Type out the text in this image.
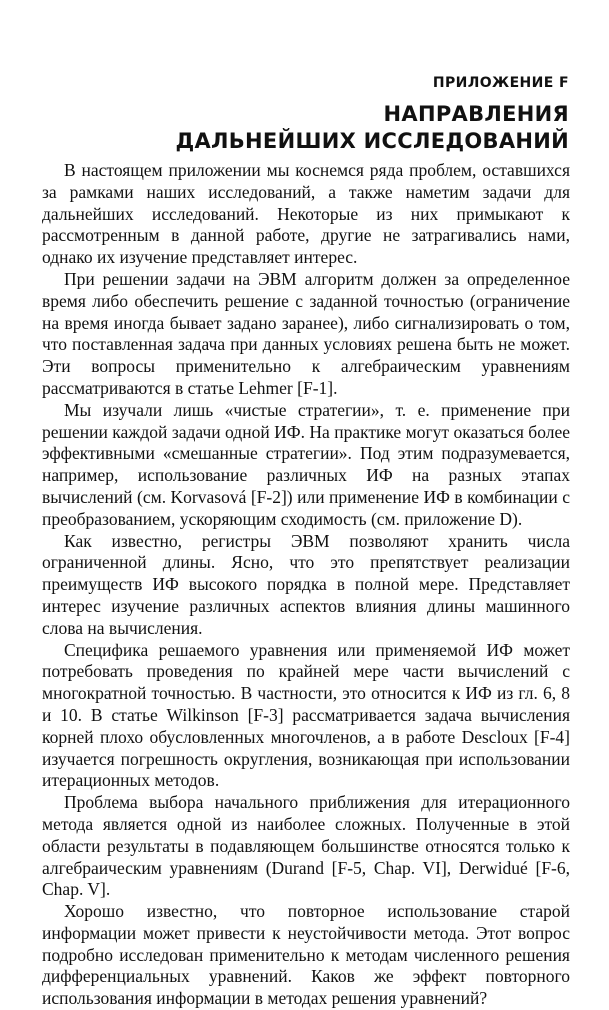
ПРИЛОЖЕНИЕ F
НАПРАВЛЕНИЯ
ДАЛЬНЕЙШИХ ИССЛЕДОВАНИЙ

В настоящем приложении мы коснемся ряда проблем, оставшихся за рамками наших исследований, а также наметим задачи для дальнейших исследований. Некоторые из них примыкают к рассмотренным в данной работе, другие не затрагивались нами, однако их изучение представляет интерес.

При решении задачи на ЭВМ алгоритм должен за определенное время либо обеспечить решение с заданной точностью (ограничение на время иногда бывает задано заранее), либо сигнализировать о том, что поставленная задача при данных условиях решена быть не может. Эти вопросы применительно к алгебраическим уравнениям рассматриваются в статье Lehmer [F-1].

Мы изучали лишь «чистые стратегии», т. е. применение при решении каждой задачи одной ИФ. На практике могут оказаться более эффективными «смешанные стратегии». Под этим подразумевается, например, использование различных ИФ на разных этапах вычислений (см. Korvasová [F-2]) или применение ИФ в комбинации с преобразованием, ускоряющим сходимость (см. приложение D).

Как известно, регистры ЭВМ позволяют хранить числа ограниченной длины. Ясно, что это препятствует реализации преимуществ ИФ высокого порядка в полной мере. Представляет интерес изучение различных аспектов влияния длины машинного слова на вычисления.

Специфика решаемого уравнения или применяемой ИФ может потребовать проведения по крайней мере части вычислений с многократной точностью. В частности, это относится к ИФ из гл. 6, 8 и 10. В статье Wilkinson [F-3] рассматривается задача вычисления корней плохо обусловленных многочленов, а в работе Descloux [F-4] изучается погрешность округления, возникающая при использовании итерационных методов.

Проблема выбора начального приближения для итерационного метода является одной из наиболее сложных. Полученные в этой области результаты в подавляющем большинстве относятся только к алгебраическим уравнениям (Durand [F-5, Chap. VI], Derwidué [F-6, Chap. V].

Хорошо известно, что повторное использование старой информации может привести к неустойчивости метода. Этот вопрос подробно исследован применительно к методам численного решения дифференциальных уравнений. Каков же эффект повторного использования информации в методах решения уравнений?
